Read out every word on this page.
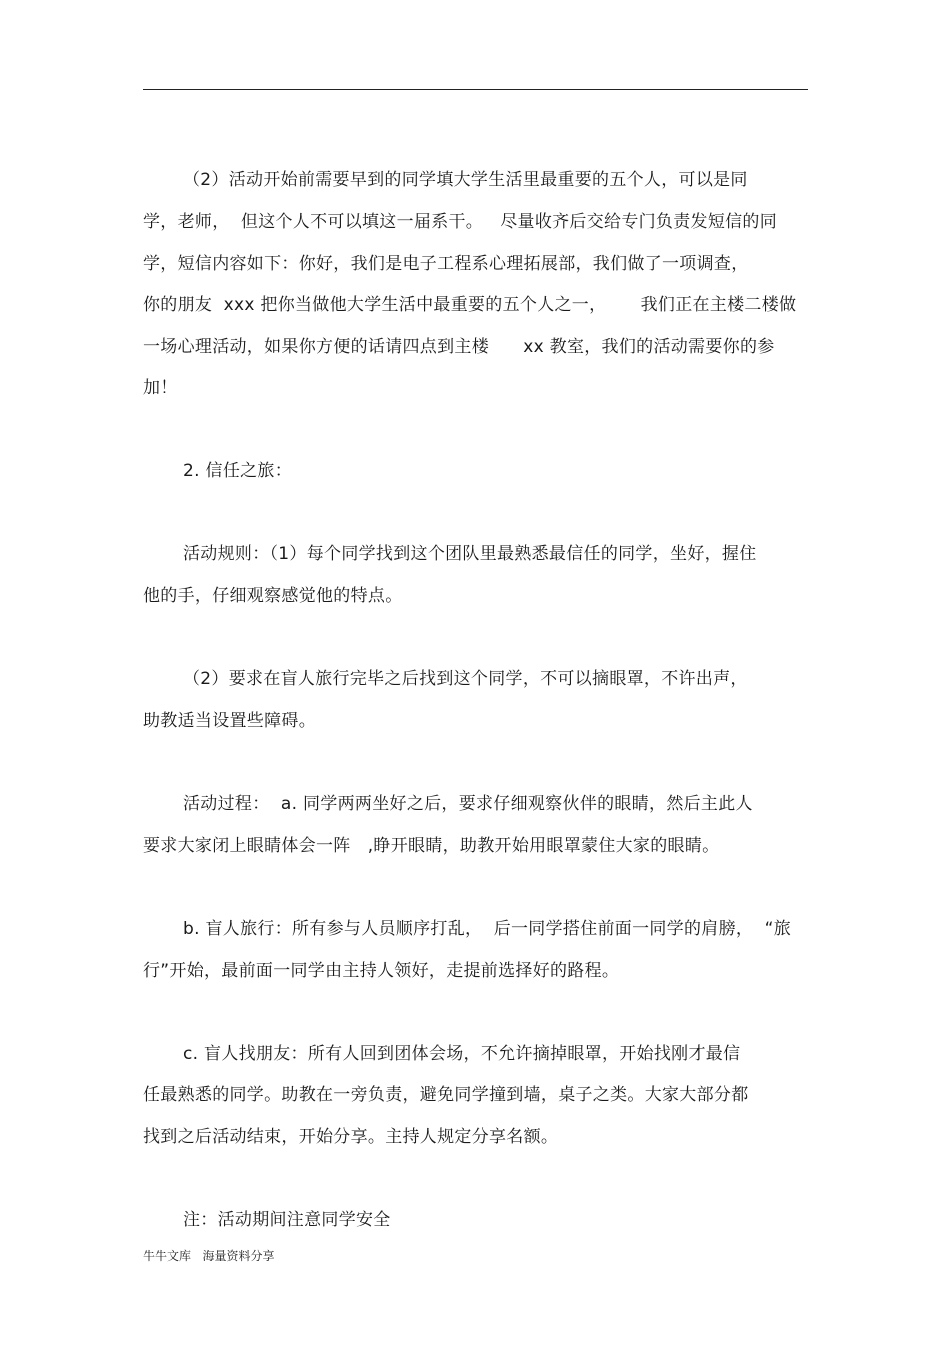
（2）活动开始前需要早到的同学填大学生活里最重要的五个人，可以是同
学，老师，  但这个人不可以填这一届系干。   尽量收齐后交给专门负责发短信的同
学，短信内容如下：你好，我们是电子工程系心理拓展部，我们做了一项调查，
你的朋友  xxx 把你当做他大学生活中最重要的五个人之一，      我们正在主楼二楼做
一场心理活动，如果你方便的话请四点到主楼      xx 教室，我们的活动需要你的参
加！
2. 信任之旅：
活动规则：（1）每个同学找到这个团队里最熟悉最信任的同学，坐好，握住
他的手，仔细观察感觉他的特点。
（2）要求在盲人旅行完毕之后找到这个同学，不可以摘眼罩，不许出声，
助教适当设置些障碍。
活动过程：  a. 同学两两坐好之后，要求仔细观察伙伴的眼睛，然后主此人
要求大家闭上眼睛体会一阵   ,睁开眼睛，助教开始用眼罩蒙住大家的眼睛。
b. 盲人旅行：所有参与人员顺序打乱，  后一同学搭住前面一同学的肩膀，  “旅
行”开始，最前面一同学由主持人领好，走提前选择好的路程。
c. 盲人找朋友：所有人回到团体会场，不允许摘掉眼罩，开始找刚才最信
任最熟悉的同学。助教在一旁负责，避免同学撞到墙，桌子之类。大家大部分都
找到之后活动结束，开始分享。主持人规定分享名额。
注：活动期间注意同学安全
牛牛文库   海量资料分享
